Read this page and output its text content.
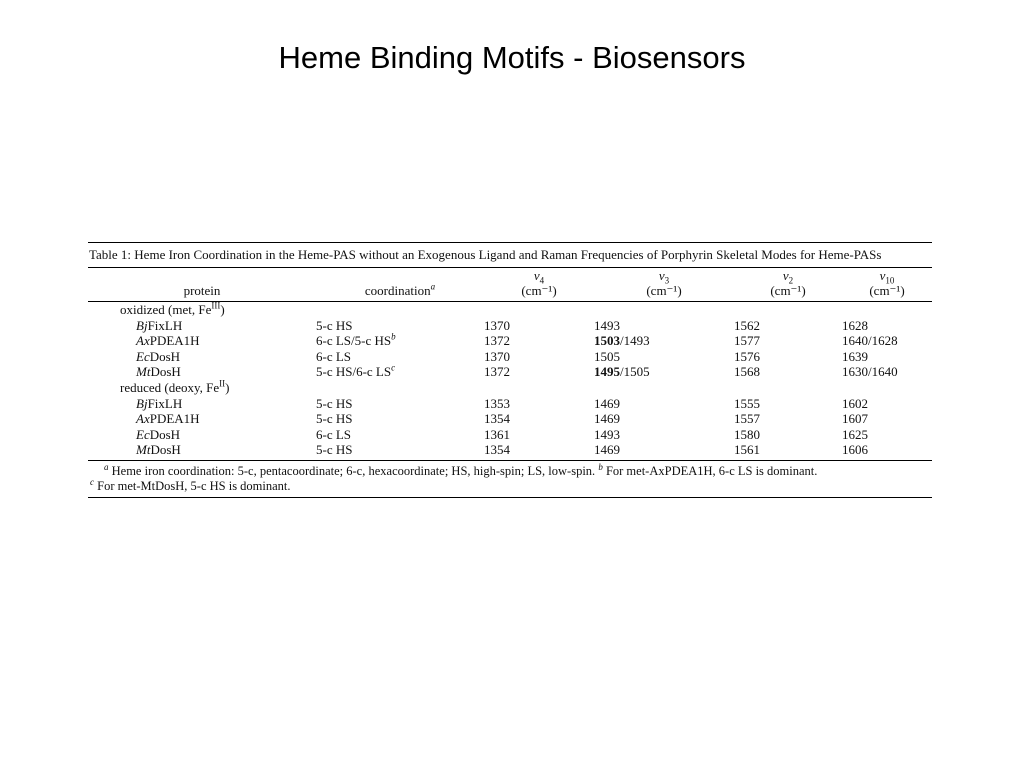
Heme Binding Motifs - Biosensors
Table 1: Heme Iron Coordination in the Heme-PAS without an Exogenous Ligand and Raman Frequencies of Porphyrin Skeletal Modes for Heme-PASs
		$\nu_4$	$\nu_3$	$\nu_2$	$\nu_{10}$
protein	coordination$^a$	(cm⁻¹)	(cm⁻¹)	(cm⁻¹)	(cm⁻¹)

oxidized (met, $Fe^{III}$)					
BjFixLH	5-c HS	1370	1493	1562	1628
AxPDEA1H	6-c LS/5-c $HS^b$	1372	1503/1493	1577	1640/1628
EcDosH	6-c LS	1370	1505	1576	1639
MtDosH	5-c HS/6-c $LS^c$	1372	1495/1505	1568	1630/1640
reduced (deoxy, $Fe^{II}$)					
BjFixLH	5-c HS	1353	1469	1555	1602
AxPDEA1H	5-c HS	1354	1469	1557	1607
EcDosH	6-c LS	1361	1493	1580	1625
MtDosH	5-c HS	1354	1469	1561	1606
$^a$ Heme iron coordination: 5-c, pentacoordinate; 6-c, hexacoordinate; HS, high-spin; LS, low-spin. $^b$ For met-AxPDEA1H, 6-c LS is dominant.
$^c$ For met-MtDosH, 5-c HS is dominant.
